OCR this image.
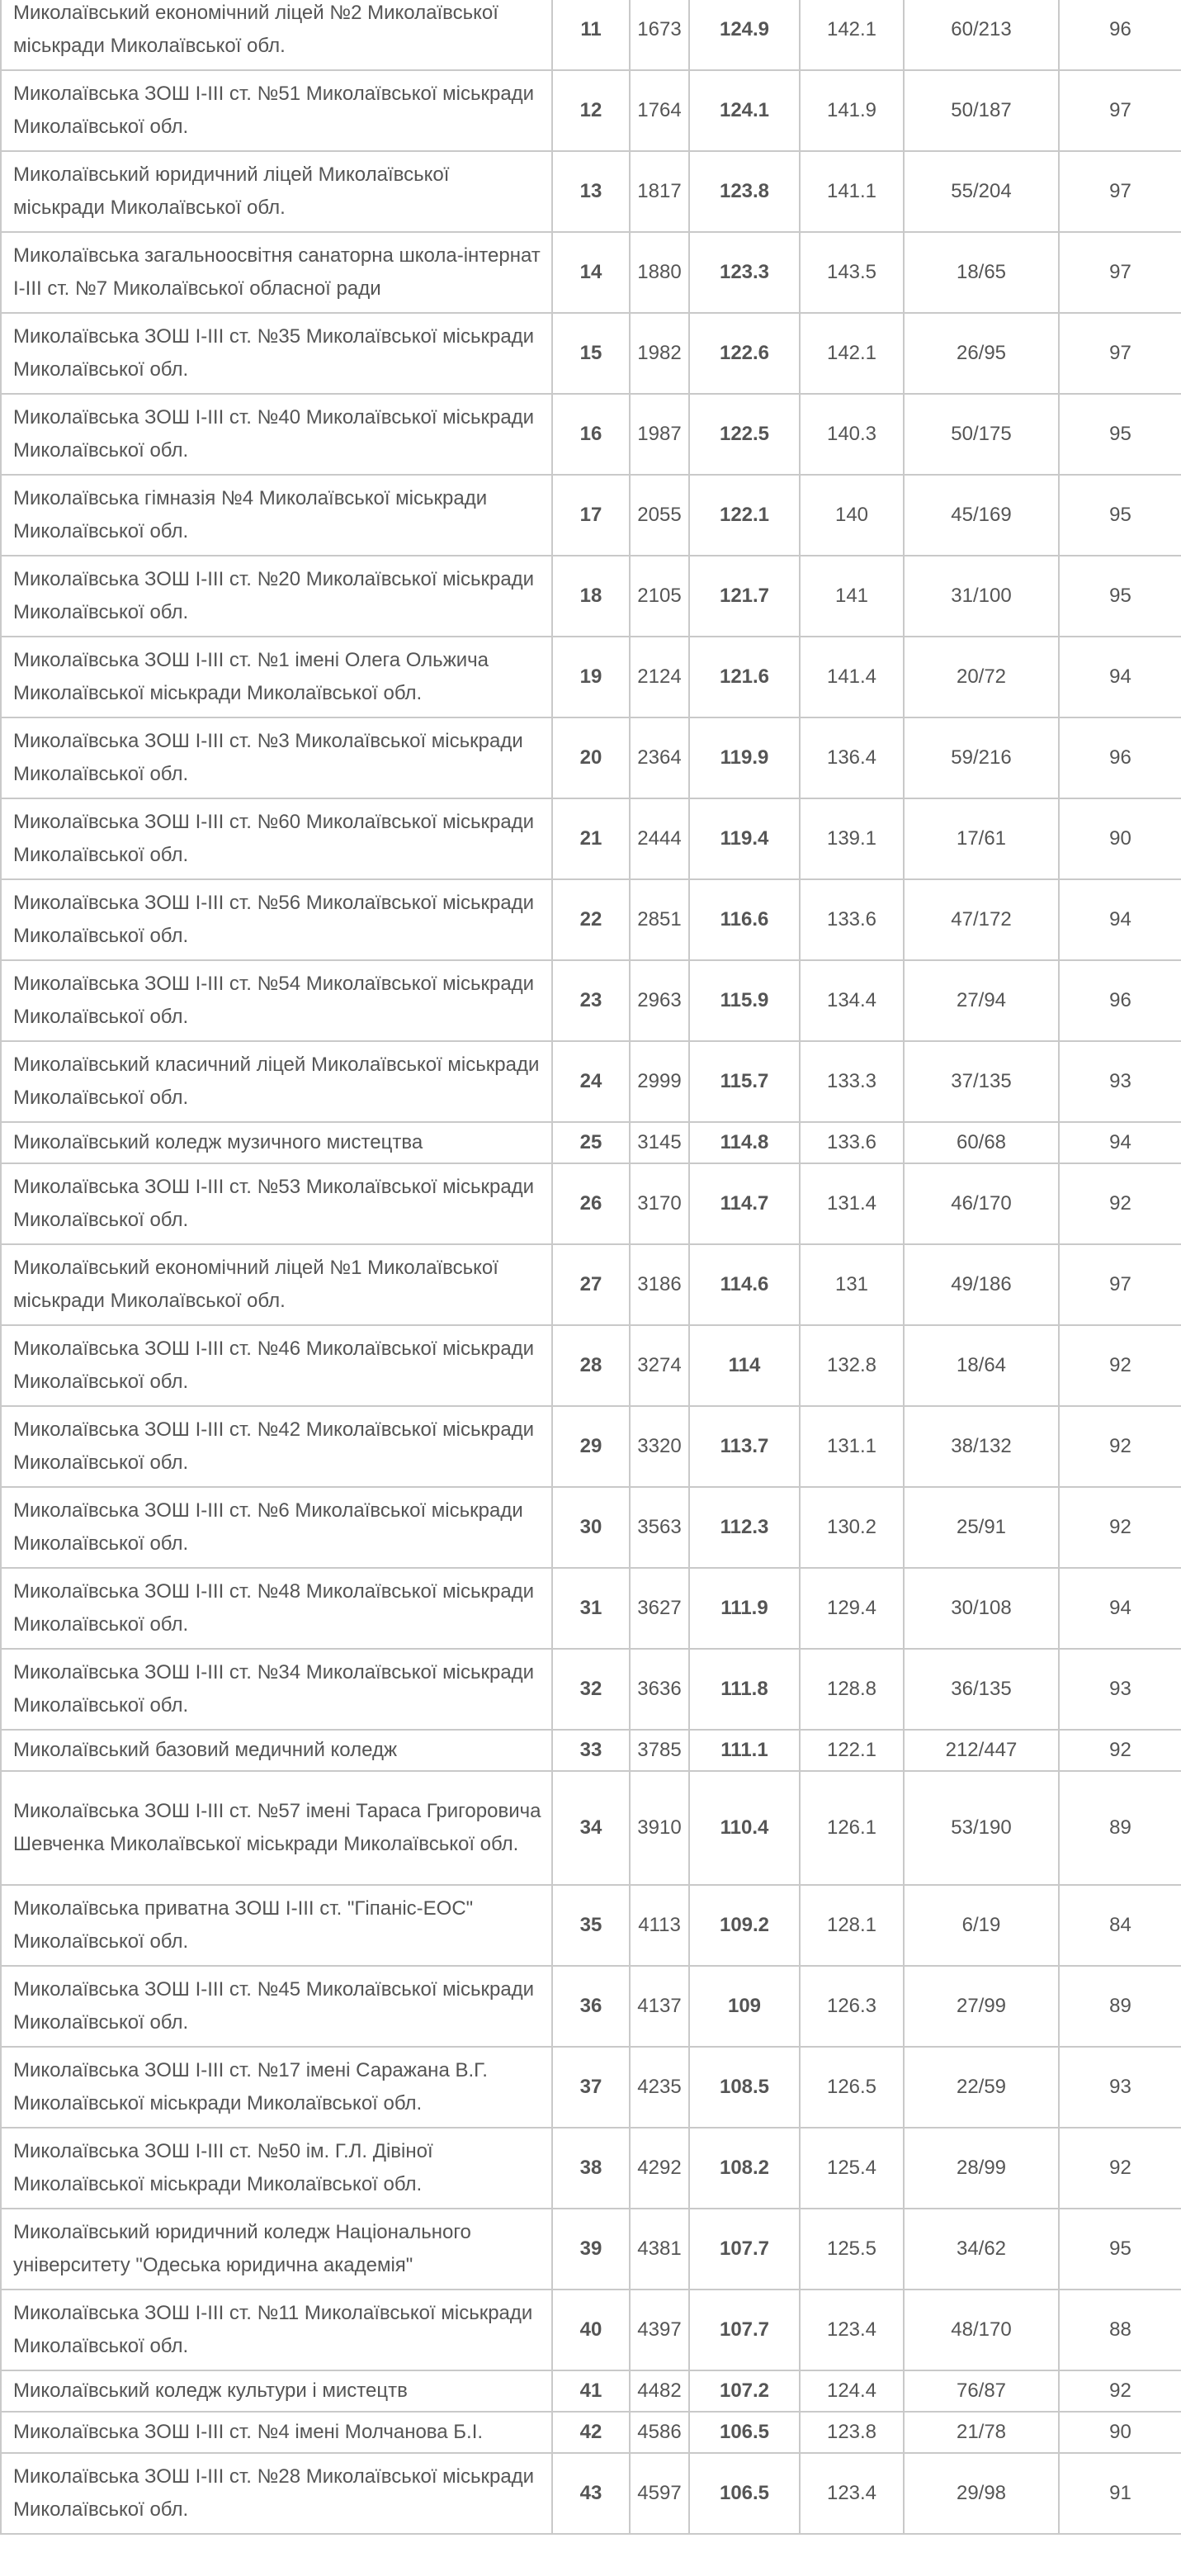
Миколаївський економічний ліцей №2 Миколаївської міськради Миколаївської обл.	11	1673	124.9	142.1	60/213	96
Миколаївська ЗОШ І-ІІІ ст. №51 Миколаївської міськради Миколаївської обл.	12	1764	124.1	141.9	50/187	97
Миколаївський юридичний ліцей Миколаївської міськради Миколаївської обл.	13	1817	123.8	141.1	55/204	97
Миколаївська загальноосвітня санаторна школа-інтернат І-ІІІ ст. №7 Миколаївської обласної ради	14	1880	123.3	143.5	18/65	97
Миколаївська ЗОШ І-ІІІ ст. №35 Миколаївської міськради Миколаївської обл.	15	1982	122.6	142.1	26/95	97
Миколаївська ЗОШ І-ІІІ ст. №40 Миколаївської міськради Миколаївської обл.	16	1987	122.5	140.3	50/175	95
Миколаївська гімназія №4 Миколаївської міськради Миколаївської обл.	17	2055	122.1	140	45/169	95
Миколаївська ЗОШ І-ІІІ ст. №20 Миколаївської міськради Миколаївської обл.	18	2105	121.7	141	31/100	95
Миколаївська ЗОШ І-ІІІ ст. №1 імені Олега Ольжича Миколаївської міськради Миколаївської обл.	19	2124	121.6	141.4	20/72	94
Миколаївська ЗОШ І-ІІІ ст. №3 Миколаївської міськради Миколаївської обл.	20	2364	119.9	136.4	59/216	96
Миколаївська ЗОШ І-ІІІ ст. №60 Миколаївської міськради Миколаївської обл.	21	2444	119.4	139.1	17/61	90
Миколаївська ЗОШ І-ІІІ ст. №56 Миколаївської міськради Миколаївської обл.	22	2851	116.6	133.6	47/172	94
Миколаївська ЗОШ І-ІІІ ст. №54 Миколаївської міськради Миколаївської обл.	23	2963	115.9	134.4	27/94	96
Миколаївський класичний ліцей Миколаївської міськради Миколаївської обл.	24	2999	115.7	133.3	37/135	93
Миколаївський коледж музичного мистецтва	25	3145	114.8	133.6	60/68	94
Миколаївська ЗОШ І-ІІІ ст. №53 Миколаївської міськради Миколаївської обл.	26	3170	114.7	131.4	46/170	92
Миколаївський економічний ліцей №1 Миколаївської міськради Миколаївської обл.	27	3186	114.6	131	49/186	97
Миколаївська ЗОШ І-ІІІ ст. №46 Миколаївської міськради Миколаївської обл.	28	3274	114	132.8	18/64	92
Миколаївська ЗОШ І-ІІІ ст. №42 Миколаївської міськради Миколаївської обл.	29	3320	113.7	131.1	38/132	92
Миколаївська ЗОШ І-ІІІ ст. №6 Миколаївської міськради Миколаївської обл.	30	3563	112.3	130.2	25/91	92
Миколаївська ЗОШ І-ІІІ ст. №48 Миколаївської міськради Миколаївської обл.	31	3627	111.9	129.4	30/108	94
Миколаївська ЗОШ І-ІІІ ст. №34 Миколаївської міськради Миколаївської обл.	32	3636	111.8	128.8	36/135	93
Миколаївський базовий медичний коледж	33	3785	111.1	122.1	212/447	92
Миколаївська ЗОШ І-ІІІ ст. №57 імені Тараса Григоровича Шевченка Миколаївської міськради Миколаївської обл.	34	3910	110.4	126.1	53/190	89
Миколаївська приватна ЗОШ І-ІІІ ст. "Гіпаніс-ЕОС" Миколаївської обл.	35	4113	109.2	128.1	6/19	84
Миколаївська ЗОШ І-ІІІ ст. №45 Миколаївської міськради Миколаївської обл.	36	4137	109	126.3	27/99	89
Миколаївська ЗОШ І-ІІІ ст. №17 імені Саражана В.Г. Миколаївської міськради Миколаївської обл.	37	4235	108.5	126.5	22/59	93
Миколаївська ЗОШ І-ІІІ ст. №50 ім. Г.Л. Дівіної Миколаївської міськради Миколаївської обл.	38	4292	108.2	125.4	28/99	92
Миколаївський юридичний коледж Національного університету "Одеська юридична академія"	39	4381	107.7	125.5	34/62	95
Миколаївська ЗОШ І-ІІІ ст. №11 Миколаївської міськради Миколаївської обл.	40	4397	107.7	123.4	48/170	88
Миколаївський коледж культури і мистецтв	41	4482	107.2	124.4	76/87	92
Миколаївська ЗОШ І-ІІІ ст. №4 імені Молчанова Б.І.	42	4586	106.5	123.8	21/78	90
Миколаївська ЗОШ І-ІІІ ст. №28 Миколаївської міськради Миколаївської обл.	43	4597	106.5	123.4	29/98	91
